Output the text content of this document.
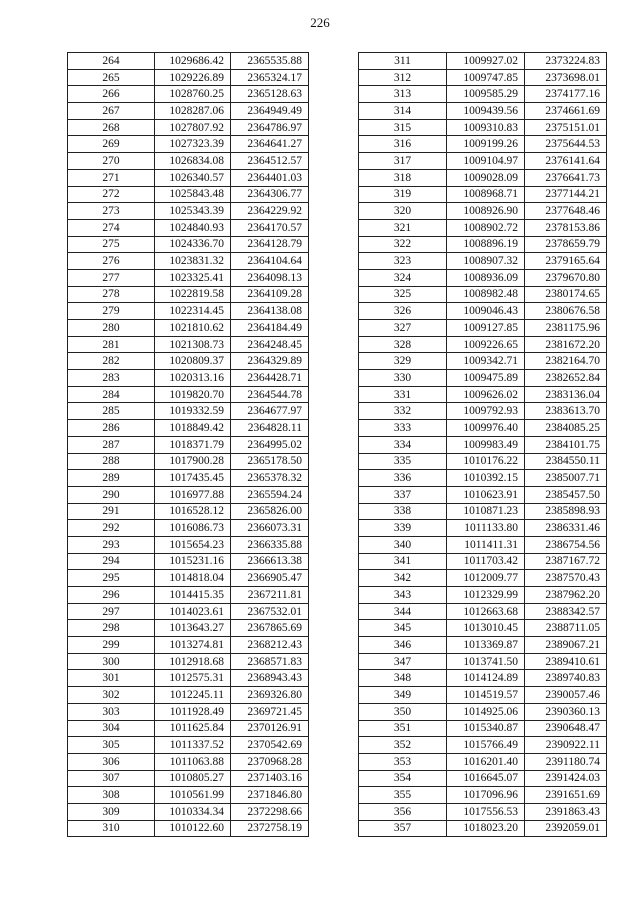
226
264	1029686.42	2365535.88
265	1029226.89	2365324.17
266	1028760.25	2365128.63
267	1028287.06	2364949.49
268	1027807.92	2364786.97
269	1027323.39	2364641.27
270	1026834.08	2364512.57
271	1026340.57	2364401.03
272	1025843.48	2364306.77
273	1025343.39	2364229.92
274	1024840.93	2364170.57
275	1024336.70	2364128.79
276	1023831.32	2364104.64
277	1023325.41	2364098.13
278	1022819.58	2364109.28
279	1022314.45	2364138.08
280	1021810.62	2364184.49
281	1021308.73	2364248.45
282	1020809.37	2364329.89
283	1020313.16	2364428.71
284	1019820.70	2364544.78
285	1019332.59	2364677.97
286	1018849.42	2364828.11
287	1018371.79	2364995.02
288	1017900.28	2365178.50
289	1017435.45	2365378.32
290	1016977.88	2365594.24
291	1016528.12	2365826.00
292	1016086.73	2366073.31
293	1015654.23	2366335.88
294	1015231.16	2366613.38
295	1014818.04	2366905.47
296	1014415.35	2367211.81
297	1014023.61	2367532.01
298	1013643.27	2367865.69
299	1013274.81	2368212.43
300	1012918.68	2368571.83
301	1012575.31	2368943.43
302	1012245.11	2369326.80
303	1011928.49	2369721.45
304	1011625.84	2370126.91
305	1011337.52	2370542.69
306	1011063.88	2370968.28
307	1010805.27	2371403.16
308	1010561.99	2371846.80
309	1010334.34	2372298.66
310	1010122.60	2372758.19
311	1009927.02	2373224.83
312	1009747.85	2373698.01
313	1009585.29	2374177.16
314	1009439.56	2374661.69
315	1009310.83	2375151.01
316	1009199.26	2375644.53
317	1009104.97	2376141.64
318	1009028.09	2376641.73
319	1008968.71	2377144.21
320	1008926.90	2377648.46
321	1008902.72	2378153.86
322	1008896.19	2378659.79
323	1008907.32	2379165.64
324	1008936.09	2379670.80
325	1008982.48	2380174.65
326	1009046.43	2380676.58
327	1009127.85	2381175.96
328	1009226.65	2381672.20
329	1009342.71	2382164.70
330	1009475.89	2382652.84
331	1009626.02	2383136.04
332	1009792.93	2383613.70
333	1009976.40	2384085.25
334	1009983.49	2384101.75
335	1010176.22	2384550.11
336	1010392.15	2385007.71
337	1010623.91	2385457.50
338	1010871.23	2385898.93
339	1011133.80	2386331.46
340	1011411.31	2386754.56
341	1011703.42	2387167.72
342	1012009.77	2387570.43
343	1012329.99	2387962.20
344	1012663.68	2388342.57
345	1013010.45	2388711.05
346	1013369.87	2389067.21
347	1013741.50	2389410.61
348	1014124.89	2389740.83
349	1014519.57	2390057.46
350	1014925.06	2390360.13
351	1015340.87	2390648.47
352	1015766.49	2390922.11
353	1016201.40	2391180.74
354	1016645.07	2391424.03
355	1017096.96	2391651.69
356	1017556.53	2391863.43
357	1018023.20	2392059.01
